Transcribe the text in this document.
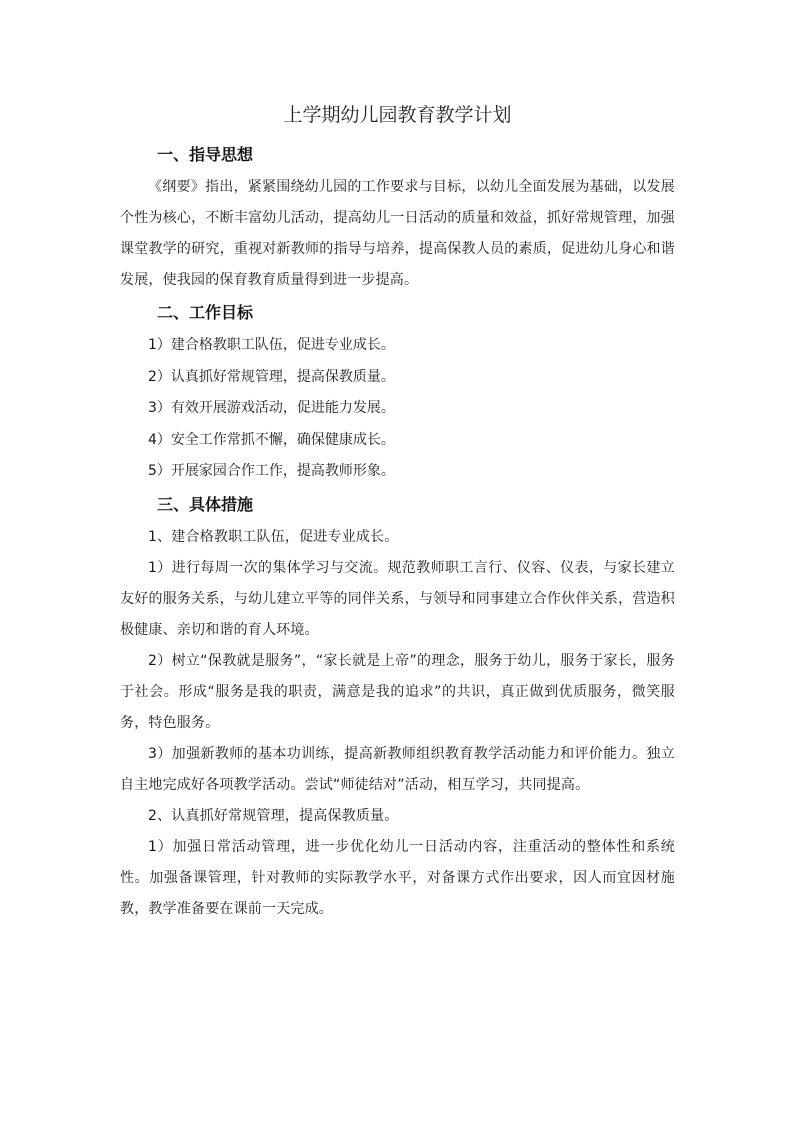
上学期幼儿园教育教学计划
一、指导思想

《纲要》指出，紧紧围绕幼儿园的工作要求与目标，以幼儿全面发展为基础，以发展个性为核心，不断丰富幼儿活动，提高幼儿一日活动的质量和效益，抓好常规管理，加强课堂教学的研究，重视对新教师的指导与培养，提高保教人员的素质，促进幼儿身心和谐发展，使我园的保育教育质量得到进一步提高。

二、工作目标

1）建合格教职工队伍，促进专业成长。

2）认真抓好常规管理，提高保教质量。

3）有效开展游戏活动，促进能力发展。

4）安全工作常抓不懈，确保健康成长。

5）开展家园合作工作，提高教师形象。

三、具体措施

1、建合格教职工队伍，促进专业成长。

1）进行每周一次的集体学习与交流。规范教师职工言行、仪容、仪表，与家长建立友好的服务关系，与幼儿建立平等的同伴关系，与领导和同事建立合作伙伴关系，营造积极健康、亲切和谐的育人环境。

2）树立“保教就是服务”，“家长就是上帝”的理念，服务于幼儿，服务于家长，服务于社会。形成“服务是我的职责，满意是我的追求”的共识，真正做到优质服务，微笑服务，特色服务。

3）加强新教师的基本功训练，提高新教师组织教育教学活动能力和评价能力。独立自主地完成好各项教学活动。尝试“师徒结对”活动，相互学习，共同提高。

2、认真抓好常规管理，提高保教质量。

1）加强日常活动管理，进一步优化幼儿一日活动内容，注重活动的整体性和系统性。加强备课管理，针对教师的实际教学水平，对备课方式作出要求，因人而宜因材施教，教学准备要在课前一天完成。
